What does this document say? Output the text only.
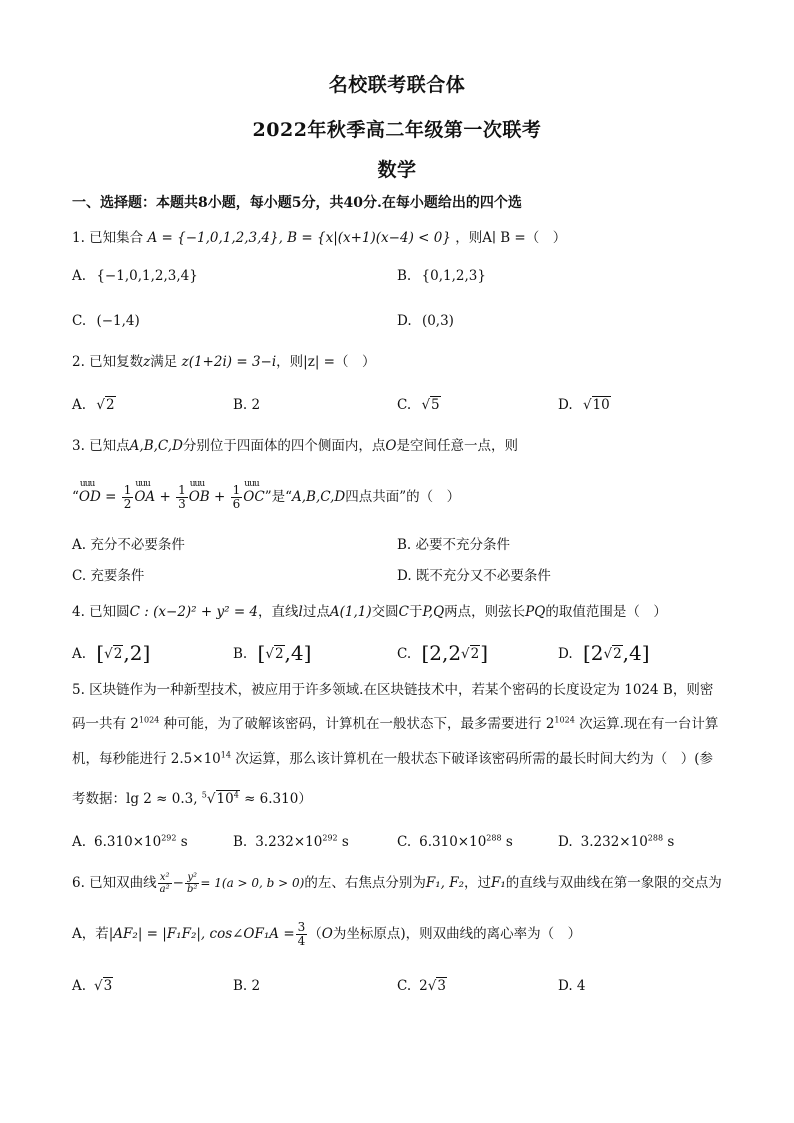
名校联考联合体
2022年秋季高二年级第一次联考
数学
一、选择题：本题共8小题，每小题5分，共40分.在每小题给出的四个选
1. 已知集合 A = {−1,0,1,2,3,4}, B = {x|(x+1)(x−4) < 0} ，则A∣ B =（　）
A. {−1,0,1,2,3,4}	B. {0,1,2,3}
C. (−1,4)	D. (0,3)
2. 已知复数z满足 z(1+2i) = 3−i，则|z| =（　）
A. √2	B. 2	C. √5	D. √10
3. 已知点A,B,C,D分别位于四面体的四个侧面内，点O是空间任意一点，则
“uuu OD = $\frac{1}{2}$ uuu OA + $\frac{1}{3}$ uuu OB + $\frac{1}{6}$ uuu OC”是“A,B,C,D四点共面”的（　）
A. 充分不必要条件	B. 必要不充分条件
C. 充要条件	D. 既不充分又不必要条件
4. 已知圆C : (x−2)² + y² = 4，直线l过点A(1,1)交圆C于P,Q两点，则弦长PQ的取值范围是（　）
A. [√2,2]	B. [√2,4]	C. [2,2√2]	D. [2√2,4]
5. 区块链作为一种新型技术，被应用于许多领域.在区块链技术中，若某个密码的长度设定为 1024 B，则密
码一共有 $2^{1024}$ 种可能，为了破解该密码，计算机在一般状态下，最多需要进行 $2^{1024}$ 次运算.现在有一台计算
机，每秒能进行 $2.5\times 10^{14}$ 次运算，那么该计算机在一般状态下破译该密码所需的最长时间大约为（　）(参
考数据：lg 2 ≈ 0.3, $^5√10^4 \approx 6.310$）
A. $6.310\times 10^{292}$ s	B. $3.232\times 10^{292}$ s	C. $6.310\times 10^{288}$ s	D. $3.232\times 10^{288}$ s
6. 已知双曲线 $\frac{\text{x²}}{\text{a²}} - \frac{\text{y²}}{\text{b²}} = 1(a > 0$, b > 0)的左、右焦点分别为F₁, F₂，过F₁的直线与双曲线在第一象限的交点为
A，若|AF₂| = |F₁F₂|, cos∠OF₁A = $\frac{3}{4} (O$为坐标原点)，则双曲线的离心率为（　）
A. √3	B. 2	C. 2√3	D. 4
